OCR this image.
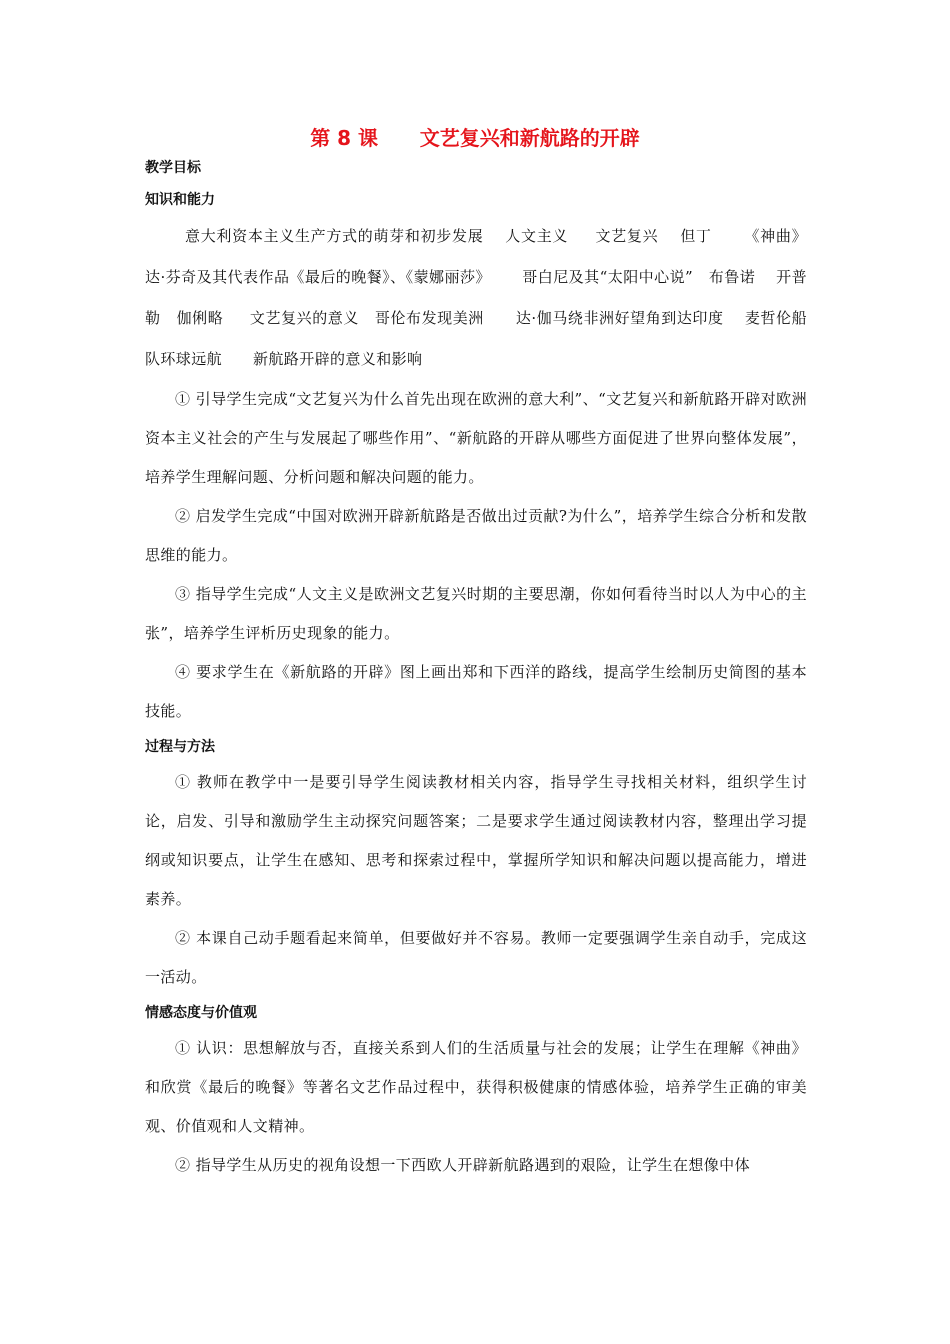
第 8 课      文艺复兴和新航路的开辟
教学目标
知识和能力

意大利资本主义生产方式的萌芽和初步发展    人文主义     文艺复兴    但丁      《神曲》  达·芬奇及其代表作品《最后的晚餐》、《蒙娜丽莎》      哥白尼及其“太阳中心说”   布鲁诺    开普勒   伽俐略     文艺复兴的意义   哥伦布发现美洲      达·伽马绕非洲好望角到达印度    麦哲伦船队环球远航      新航路开辟的意义和影响

① 引导学生完成“文艺复兴为什么首先出现在欧洲的意大利”、“文艺复兴和新航路开辟对欧洲资本主义社会的产生与发展起了哪些作用”、“新航路的开辟从哪些方面促进了世界向整体发展”，培养学生理解问题、分析问题和解决问题的能力。

② 启发学生完成“中国对欧洲开辟新航路是否做出过贡献?为什么”，培养学生综合分析和发散思维的能力。

③ 指导学生完成“人文主义是欧洲文艺复兴时期的主要思潮，你如何看待当时以人为中心的主张”，培养学生评析历史现象的能力。

④ 要求学生在《新航路的开辟》图上画出郑和下西洋的路线，提高学生绘制历史简图的基本技能。

过程与方法

① 教师在教学中一是要引导学生阅读教材相关内容，指导学生寻找相关材料，组织学生讨论，启发、引导和激励学生主动探究问题答案；二是要求学生通过阅读教材内容，整理出学习提纲或知识要点，让学生在感知、思考和探索过程中，掌握所学知识和解决问题以提高能力，增进素养。

② 本课自己动手题看起来简单，但要做好并不容易。教师一定要强调学生亲自动手，完成这一活动。

情感态度与价值观

① 认识：思想解放与否，直接关系到人们的生活质量与社会的发展；让学生在理解《神曲》和欣赏《最后的晚餐》等著名文艺作品过程中，获得积极健康的情感体验，培养学生正确的审美观、价值观和人文精神。

② 指导学生从历史的视角设想一下西欧人开辟新航路遇到的艰险，让学生在想像中体
